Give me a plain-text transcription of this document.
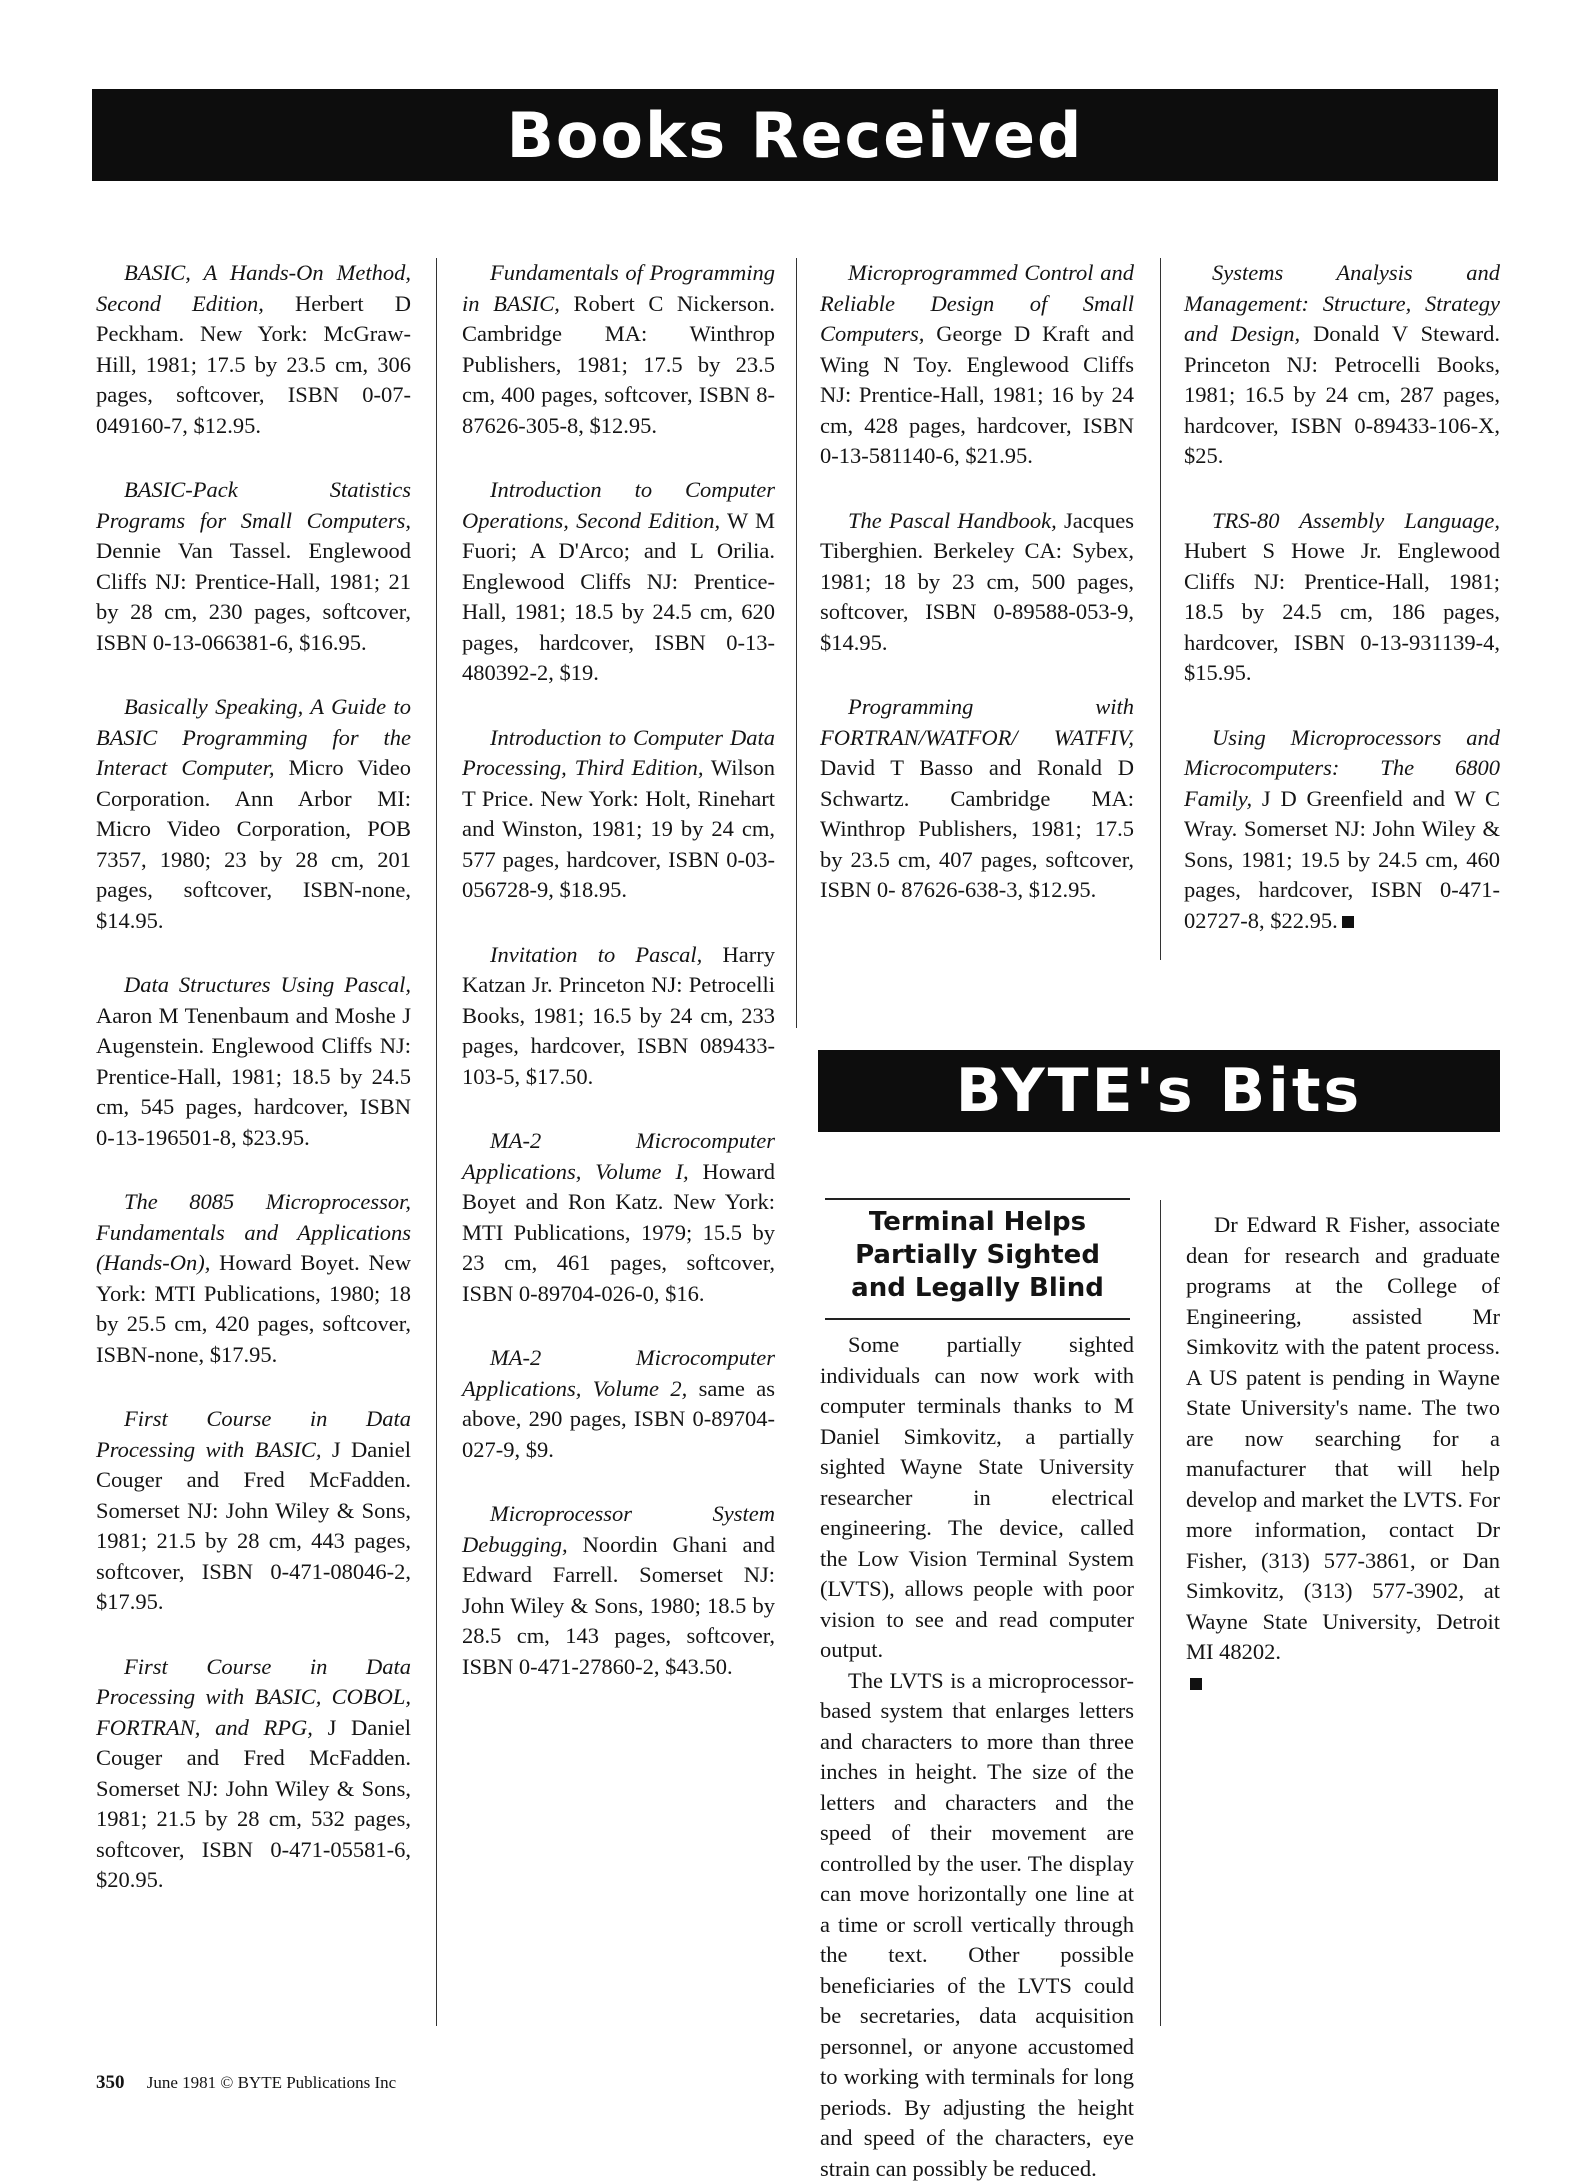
Books Received

BASIC, A Hands-On Method, Second Edition, Herbert D Peckham. New York: McGraw-Hill, 1981; 17.5 by 23.5 cm, 306 pages, softcover, ISBN 0-07-049160-7, $12.95.

BASIC-Pack Statistics Programs for Small Computers, Dennie Van Tassel. Englewood Cliffs NJ: Prentice-Hall, 1981; 21 by 28 cm, 230 pages, softcover, ISBN 0-13-066381-6, $16.95.

Basically Speaking, A Guide to BASIC Programming for the Interact Computer, Micro Video Corporation. Ann Arbor MI: Micro Video Corporation, POB 7357, 1980; 23 by 28 cm, 201 pages, softcover, ISBN-none, $14.95.

Data Structures Using Pascal, Aaron M Tenenbaum and Moshe J Augenstein. Englewood Cliffs NJ: Prentice-Hall, 1981; 18.5 by 24.5 cm, 545 pages, hardcover, ISBN 0-13-196501-8, $23.95.

The 8085 Microprocessor, Fundamentals and Applications (Hands-On), Howard Boyet. New York: MTI Publications, 1980; 18 by 25.5 cm, 420 pages, softcover, ISBN-none, $17.95.

First Course in Data Processing with BASIC, J Daniel Couger and Fred McFadden. Somerset NJ: John Wiley & Sons, 1981; 21.5 by 28 cm, 443 pages, softcover, ISBN 0-471-08046-2, $17.95.

First Course in Data Processing with BASIC, COBOL, FORTRAN, and RPG, J Daniel Couger and Fred McFadden. Somerset NJ: John Wiley & Sons, 1981; 21.5 by 28 cm, 532 pages, softcover, ISBN 0-471-05581-6, $20.95.

Fundamentals of Programming in BASIC, Robert C Nickerson. Cambridge MA: Winthrop Publishers, 1981; 17.5 by 23.5 cm, 400 pages, softcover, ISBN 8-87626-305-8, $12.95.

Introduction to Computer Operations, Second Edition, W M Fuori; A D'Arco; and L Orilia. Englewood Cliffs NJ: Prentice-Hall, 1981; 18.5 by 24.5 cm, 620 pages, hardcover, ISBN 0-13-480392-2, $19.

Introduction to Computer Data Processing, Third Edition, Wilson T Price. New York: Holt, Rinehart and Winston, 1981; 19 by 24 cm, 577 pages, hardcover, ISBN 0-03-056728-9, $18.95.

Invitation to Pascal, Harry Katzan Jr. Princeton NJ: Petrocelli Books, 1981; 16.5 by 24 cm, 233 pages, hardcover, ISBN 089433-103-5, $17.50.

MA-2 Microcomputer Applications, Volume I, Howard Boyet and Ron Katz. New York: MTI Publications, 1979; 15.5 by 23 cm, 461 pages, softcover, ISBN 0-89704-026-0, $16.

MA-2 Microcomputer Applications, Volume 2, same as above, 290 pages, ISBN 0-89704-027-9, $9.

Microprocessor System Debugging, Noordin Ghani and Edward Farrell. Somerset NJ: John Wiley & Sons, 1980; 18.5 by 28.5 cm, 143 pages, softcover, ISBN 0-471-27860-2, $43.50.

Microprogrammed Control and Reliable Design of Small Computers, George D Kraft and Wing N Toy. Englewood Cliffs NJ: Prentice-Hall, 1981; 16 by 24 cm, 428 pages, hardcover, ISBN 0-13-581140-6, $21.95.

The Pascal Handbook, Jacques Tiberghien. Berkeley CA: Sybex, 1981; 18 by 23 cm, 500 pages, softcover, ISBN 0-89588-053-9, $14.95.

Programming with FORTRAN/WATFOR/ WATFIV, David T Basso and Ronald D Schwartz. Cambridge MA: Winthrop Publishers, 1981; 17.5 by 23.5 cm, 407 pages, softcover, ISBN 0- 87626-638-3, $12.95.

Systems Analysis and Management: Structure, Strategy and Design, Donald V Steward. Princeton NJ: Petrocelli Books, 1981; 16.5 by 24 cm, 287 pages, hardcover, ISBN 0-89433-106-X, $25.

TRS-80 Assembly Language, Hubert S Howe Jr. Englewood Cliffs NJ: Prentice-Hall, 1981; 18.5 by 24.5 cm, 186 pages, hardcover, ISBN 0-13-931139-4, $15.95.

Using Microprocessors and Microcomputers: The 6800 Family, J D Greenfield and W C Wray. Somerset NJ: John Wiley & Sons, 1981; 19.5 by 24.5 cm, 460 pages, hardcover, ISBN 0-471-02727-8, $22.95.

BYTE's Bits
Terminal Helps Partially Sighted and Legally Blind

Some partially sighted individuals can now work with computer terminals thanks to M Daniel Simkovitz, a partially sighted Wayne State University researcher in electrical engineering. The device, called the Low Vision Terminal System (LVTS), allows people with poor vision to see and read computer output.

The LVTS is a microprocessor-based system that enlarges letters and characters to more than three inches in height. The size of the letters and characters and the speed of their movement are controlled by the user. The display can move horizontally one line at a time or scroll vertically through the text. Other possible beneficiaries of the LVTS could be secretaries, data acquisition personnel, or anyone accustomed to working with terminals for long periods. By adjusting the height and speed of the characters, eye strain can possibly be reduced.

Dr Edward R Fisher, associate dean for research and graduate programs at the College of Engineering, assisted Mr Simkovitz with the patent process. A US patent is pending in Wayne State University's name. The two are now searching for a manufacturer that will help develop and market the LVTS. For more information, contact Dr Fisher, (313) 577-3861, or Dan Simkovitz, (313) 577-3902, at Wayne State University, Detroit MI 48202.

350 June 1981 © BYTE Publications Inc
